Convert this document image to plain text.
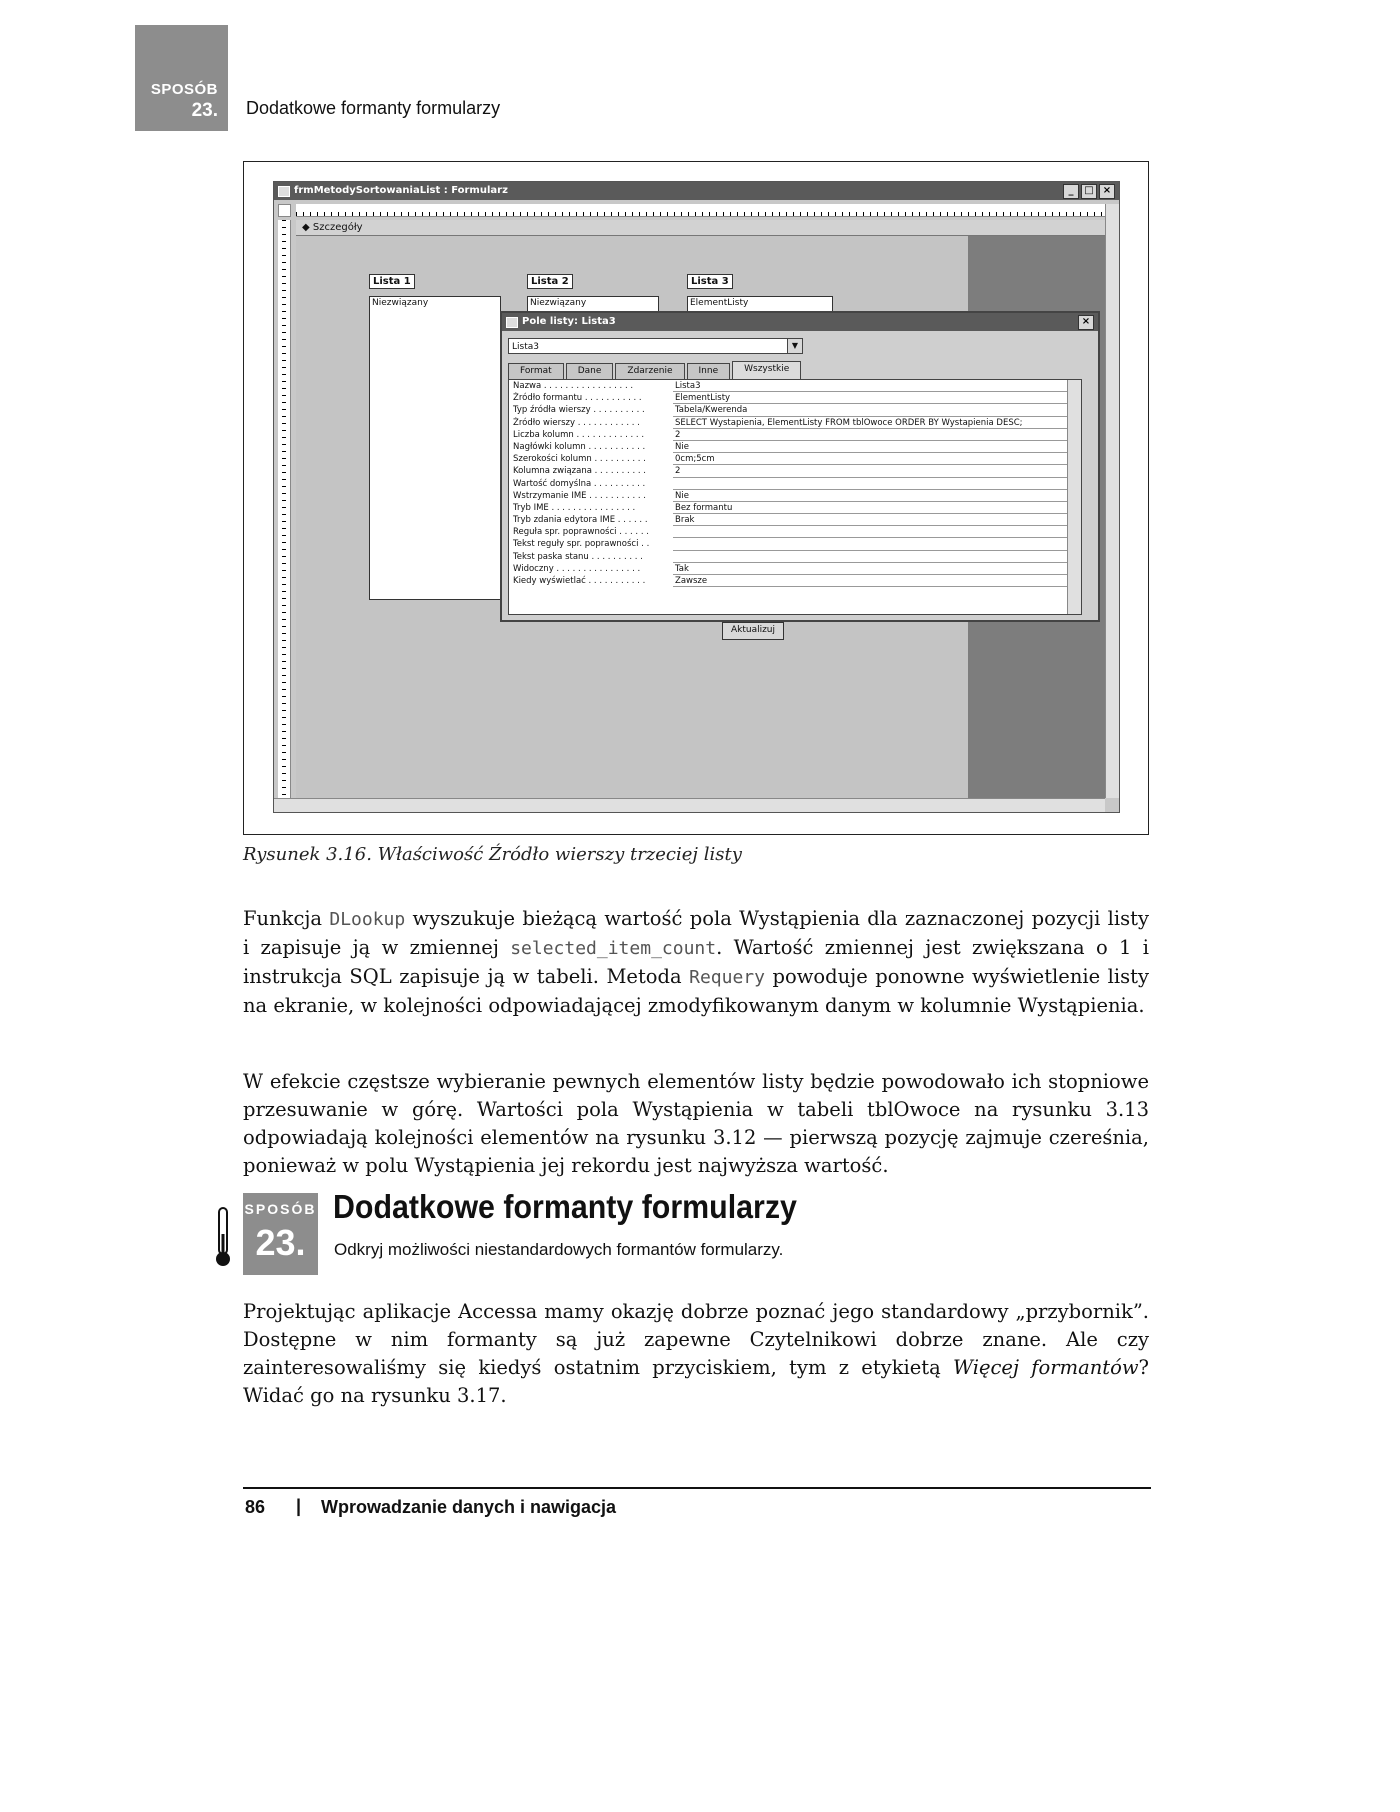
SPOSÓB
23. Dodatkowe formanty formularzy
frmMetodySortowaniaList : Formularz	_	□ ×
◆ Szczegóły
Lista 1	Lista 2	Lista 3
Niezwiązany	Niezwiązany	ElementListy
Aktualizuj
Pole listy: Lista3	×
Lista3	▼
Format	Dane	Zdarzenie	Inne	Wszystkie
Nazwa . . . . . . . . . . . . . . . . .	Lista3
Źródło formantu . . . . . . . . . . .	ElementListy
Typ źródła wierszy . . . . . . . . . .	Tabela/Kwerenda
Źródło wierszy . . . . . . . . . . . .	SELECT Wystapienia, ElementListy FROM tblOwoce ORDER BY Wystapienia DESC;
Liczba kolumn . . . . . . . . . . . . .	2
Nagłówki kolumn . . . . . . . . . . .	Nie
Szerokości kolumn . . . . . . . . . .	0cm;5cm
Kolumna związana . . . . . . . . . .	2
Wartość domyślna . . . . . . . . . .
Wstrzymanie IME . . . . . . . . . . .	Nie
Tryb IME . . . . . . . . . . . . . . . .	Bez formantu
Tryb zdania edytora IME . . . . . .	Brak
Reguła spr. poprawności . . . . . .
Tekst reguły spr. poprawności . .
Tekst paska stanu . . . . . . . . . .
Widoczny . . . . . . . . . . . . . . . .	Tak
Kiedy wyświetlać . . . . . . . . . . .	Zawsze
Rysunek 3.16. Właściwość Źródło wierszy trzeciej listy

Funkcja DLookup wyszukuje bieżącą wartość pola Wystąpienia dla zaznaczonej pozycji listy i zapisuje ją w zmiennej selected_item_count. Wartość zmiennej jest zwiększana o 1 i instrukcja SQL zapisuje ją w tabeli. Metoda Requery powoduje ponowne wyświetlenie listy na ekranie, w kolejności odpowiadającej zmodyfikowanym danym w kolumnie Wystąpienia.

W efekcie częstsze wybieranie pewnych elementów listy będzie powodowało ich stopniowe przesuwanie w górę. Wartości pola Wystąpienia w tabeli tblOwoce na rysunku 3.13 odpowiadają kolejności elementów na rysunku 3.12 — pierwszą pozycję zajmuje czereśnia, ponieważ w polu Wystąpienia jej rekordu jest najwyższa wartość.

SPOSÓB
23.
Dodatkowe formanty formularzy
Odkryj możliwości niestandardowych formantów formularzy.

Projektując aplikacje Accessa mamy okazję dobrze poznać jego standardowy „przybornik”. Dostępne w nim formanty są już zapewne Czytelnikowi dobrze znane. Ale czy zainteresowaliśmy się kiedyś ostatnim przyciskiem, tym z etykietą Więcej formantów? Widać go na rysunku 3.17.

86 | Wprowadzanie danych i nawigacja
